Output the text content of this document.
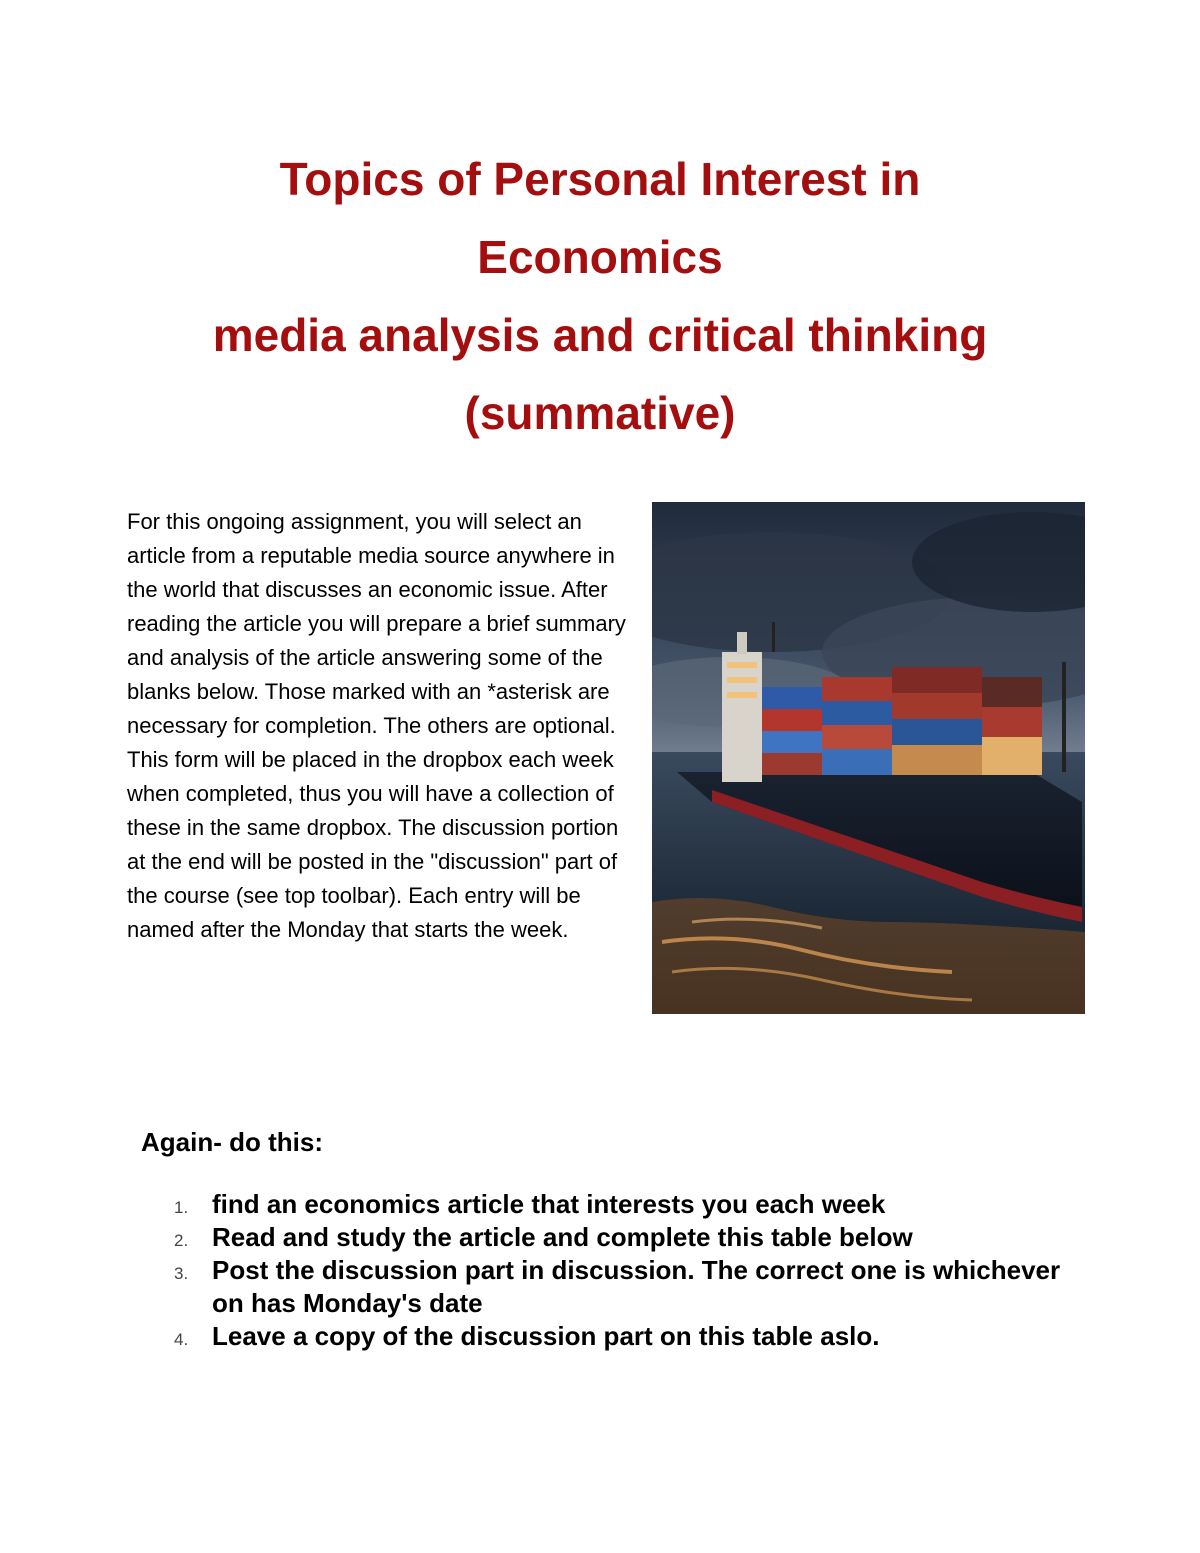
Topics of Personal Interest in
Economics
media analysis and critical thinking
(summative)

For this ongoing assignment, you will select an article from a reputable media source anywhere in the world that discusses an economic issue. After reading the article you will prepare a brief summary and analysis of the article answering some of the blanks below. Those marked with an *asterisk are necessary for completion. The others are optional. This form will be placed in the dropbox each week when completed, thus you will have a collection of these in the same dropbox. The discussion portion at the end will be posted in the "discussion" part of the course (see top toolbar). Each entry will be named after the Monday that starts the week.

Again- do this:
1. find an economics article that interests you each week
2. Read and study the article and complete this table below
3. Post the discussion part in discussion. The correct one is whichever on has Monday's date
4. Leave a copy of the discussion part on this table aslo.
